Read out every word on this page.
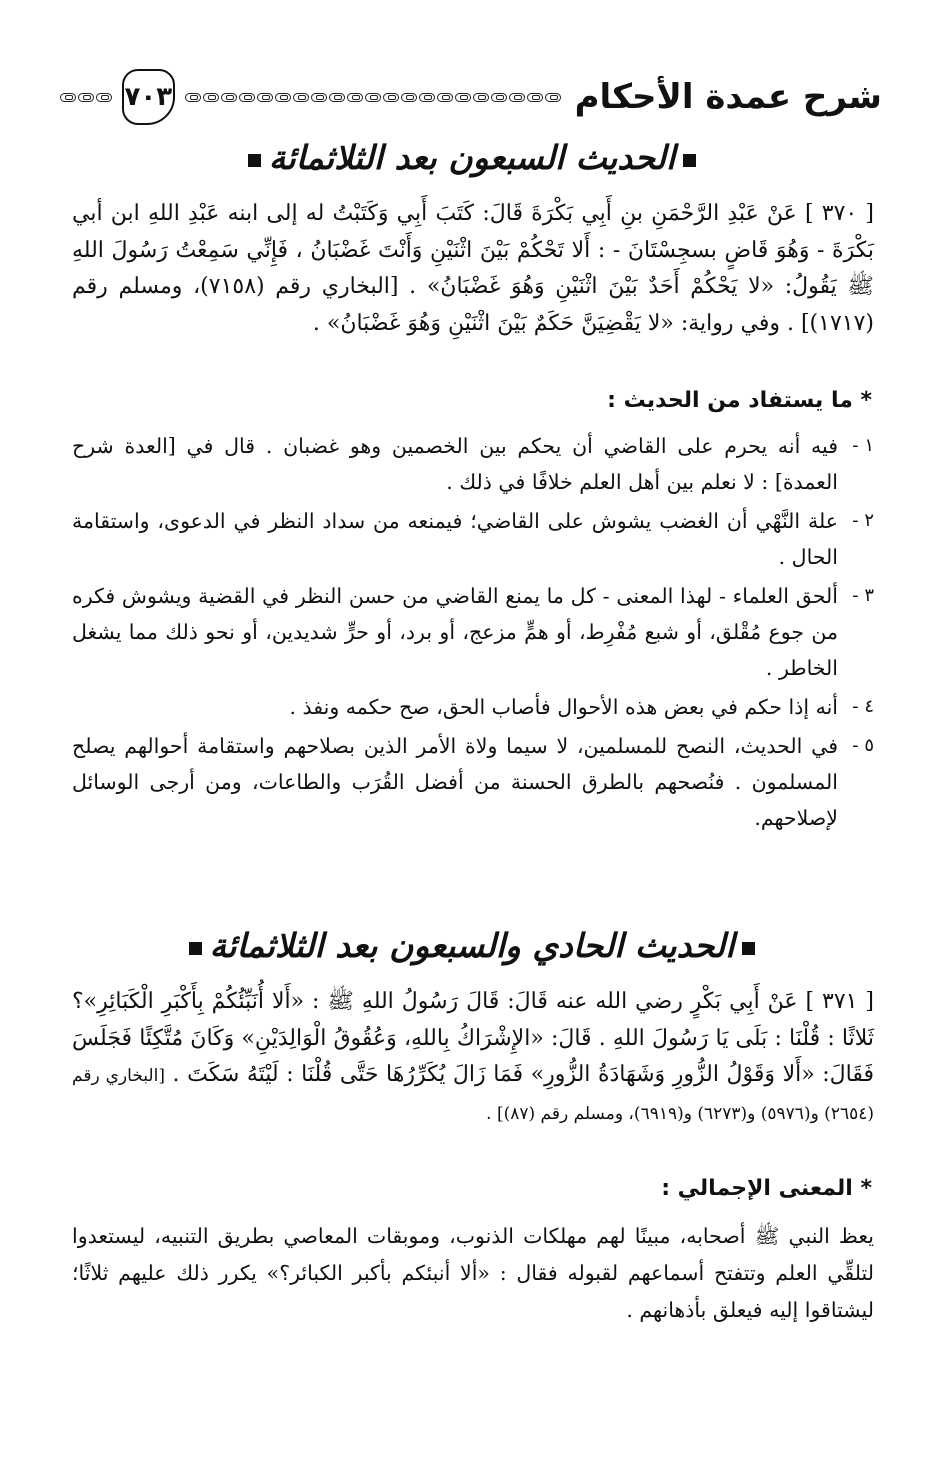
شرح عمدة الأحكام
٧٠٣
الحديث السبعون بعد الثلاثمائة
[ ٣٧٠ ] عَنْ عَبْدِ الرَّحْمَنِ بنِ أَبِي بَكْرَةَ قَالَ: كَتَبَ أَبِي وَكَتَبْتُ له إلى ابنه عَبْدِ اللهِ ابن أبي بَكْرَةَ - وَهُوَ قَاضٍ بسجِسْتَانَ - : أَلا تَحْكُمْ بَيْنَ اثْنَيْنِ وَأَنْتَ غَضْبَانُ ، فَإِنِّي سَمِعْتُ رَسُولَ اللهِ ﷺ يَقُولُ: «لا يَحْكُمْ أَحَدٌ بَيْنَ اثْنَيْنِ وَهُوَ غَضْبَانُ» . [البخاري رقم (٧١٥٨)، ومسلم رقم (١٧١٧)] . وفي رواية: «لا يَقْضِيَنَّ حَكَمٌ بَيْنَ اثْنَيْنِ وَهُوَ غَضْبَانُ» .
* ما يستفاد من الحديث :
١ -
فيه أنه يحرم على القاضي أن يحكم بين الخصمين وهو غضبان . قال في [العدة شرح العمدة] : لا نعلم بين أهل العلم خلافًا في ذلك .
٢ -
علة النَّهْي أن الغضب يشوش على القاضي؛ فيمنعه من سداد النظر في الدعوى، واستقامة الحال .
٣ -
ألحق العلماء - لهذا المعنى - كل ما يمنع القاضي من حسن النظر في القضية ويشوش فكره من جوع مُقْلق، أو شبع مُفْرِط، أو همٍّ مزعج، أو برد، أو حرٍّ شديدين، أو نحو ذلك مما يشغل الخاطر .
٤ -
أنه إذا حكم في بعض هذه الأحوال فأصاب الحق، صح حكمه ونفذ .
٥ -
في الحديث، النصح للمسلمين، لا سيما ولاة الأمر الذين بصلاحهم واستقامة أحوالهم يصلح المسلمون . فنُصحهم بالطرق الحسنة من أفضل القُرَب والطاعات، ومن أرجى الوسائل لإصلاحهم.
الحديث الحادي والسبعون بعد الثلاثمائة
[ ٣٧١ ] عَنْ أَبِي بَكْرٍ رضي الله عنه قَالَ: قَالَ رَسُولُ اللهِ ﷺ : «أَلا أُنَبِّئُكُمْ بِأَكْبَرِ الْكَبَائِرِ»؟ ثَلاثًا : قُلْنَا : بَلَى يَا رَسُولَ اللهِ . قَالَ: «الإِشْرَاكُ بِاللهِ، وَعُقُوقُ الْوَالِدَيْنِ» وَكَانَ مُتَّكِئًا فَجَلَسَ فَقَالَ: «أَلا وَقَوْلُ الزُّورِ وَشَهَادَةُ الزُّورِ» فَمَا زَالَ يُكَرِّرُهَا حَتَّى قُلْنَا : لَيْتَهُ سَكَتَ . [البخاري رقم (٢٦٥٤) و(٥٩٧٦) و(٦٢٧٣) و(٦٩١٩)، ومسلم رقم (٨٧)] .
* المعنى الإجمالي :
يعظ النبي ﷺ أصحابه، مبينًا لهم مهلكات الذنوب، وموبقات المعاصي بطريق التنبيه، ليستعدوا لتلقِّي العلم وتتفتح أسماعهم لقبوله فقال : «ألا أنبئكم بأكبر الكبائر؟» يكرر ذلك عليهم ثلاثًا؛ ليشتاقوا إليه فيعلق بأذهانهم .
